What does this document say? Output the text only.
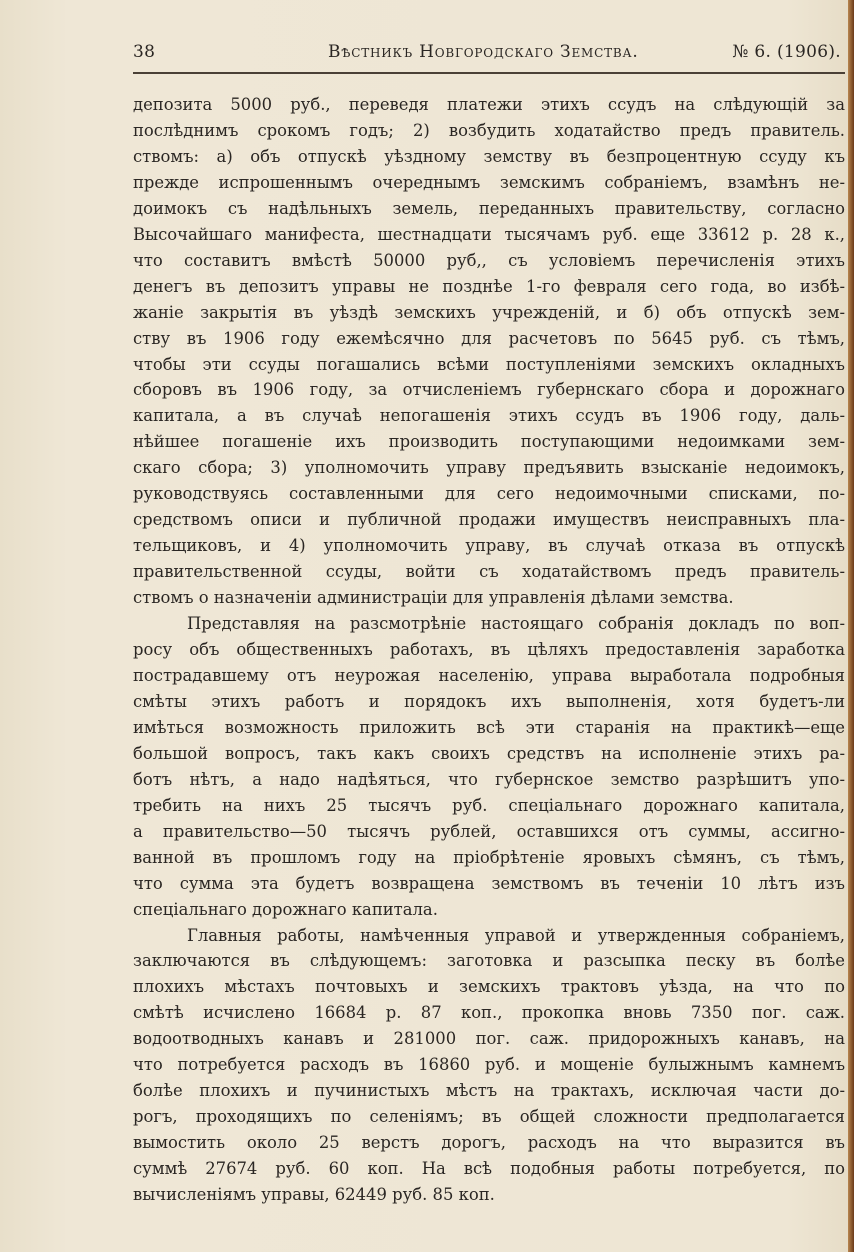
38	Вѣстникъ Новгородскаго Земства.	№ 6. (1906).
депозита 5000 руб., переведя платежи этихъ ссудъ на слѣдующій за
послѣднимъ срокомъ годъ; 2) возбудить ходатайство предъ правитель.
ствомъ: а) объ отпускѣ уѣздному земству въ безпроцентную ссуду къ
прежде испрошеннымъ очереднымъ земскимъ собраніемъ, взамѣнъ не-
доимокъ съ надѣльныхъ земель, переданныхъ правительству, согласно
Высочайшаго манифеста, шестнадцати тысячамъ руб. еще 33612 р. 28 к.,
что составитъ вмѣстѣ 50000 руб,, съ условіемъ перечисленія этихъ
денегъ въ депозитъ управы не позднѣе 1-го февраля сего года, во избѣ-
жаніе закрытія въ уѣздѣ земскихъ учрежденій, и б) объ отпускѣ зем-
ству въ 1906 году ежемѣсячно для расчетовъ по 5645 руб. съ тѣмъ,
чтобы эти ссуды погашались всѣми поступленіями земскихъ окладныхъ
сборовъ въ 1906 году, за отчисленіемъ губернскаго сбора и дорожнаго
капитала, а въ случаѣ непогашенія этихъ ссудъ въ 1906 году, даль-
нѣйшее погашеніе ихъ производить поступающими недоимками зем-
скаго сбора; 3) уполномочить управу предъявить взысканіе недоимокъ,
руководствуясь составленными для сего недоимочными списками, по-
средствомъ описи и публичной продажи имуществъ неисправныхъ пла-
тельщиковъ, и 4) уполномочить управу, въ случаѣ отказа въ отпускѣ
правительственной ссуды, войти съ ходатайствомъ предъ правитель-
ствомъ о назначеніи администраціи для управленія дѣлами земства.
Представляя на разсмотрѣніе настоящаго собранія докладъ по воп-
росу объ общественныхъ работахъ, въ цѣляхъ предоставленія заработка
пострадавшему отъ неурожая населенію, управа выработала подробныя
смѣты этихъ работъ и порядокъ ихъ выполненія, хотя будетъ-ли
имѣться возможность приложить всѣ эти старанія на практикѣ—еще
большой вопросъ, такъ какъ своихъ средствъ на исполненіе этихъ ра-
ботъ нѣтъ, а надо надѣяться, что губернское земство разрѣшитъ упо-
требить на нихъ 25 тысячъ руб. спеціальнаго дорожнаго капитала,
а правительство—50 тысячъ рублей, оставшихся отъ суммы, ассигно-
ванной въ прошломъ году на пріобрѣтеніе яровыхъ сѣмянъ, съ тѣмъ,
что сумма эта будетъ возвращена земствомъ въ теченіи 10 лѣтъ изъ
спеціальнаго дорожнаго капитала.
Главныя работы, намѣченныя управой и утвержденныя собраніемъ,
заключаются въ слѣдующемъ: заготовка и разсыпка песку въ болѣе
плохихъ мѣстахъ почтовыхъ и земскихъ трактовъ уѣзда, на что по
смѣтѣ исчислено 16684 р. 87 коп., прокопка вновь 7350 пог. саж.
водоотводныхъ канавъ и 281000 пог. саж. придорожныхъ канавъ, на
что потребуется расходъ въ 16860 руб. и мощеніе булыжнымъ камнемъ
болѣе плохихъ и пучинистыхъ мѣстъ на трактахъ, исключая части до-
рогъ, проходящихъ по селеніямъ; въ общей сложности предполагается
вымостить около 25 верстъ дорогъ, расходъ на что выразится въ
суммѣ 27674 руб. 60 коп. На всѣ подобныя работы потребуется, по
вычисленіямъ управы, 62449 руб. 85 коп.
